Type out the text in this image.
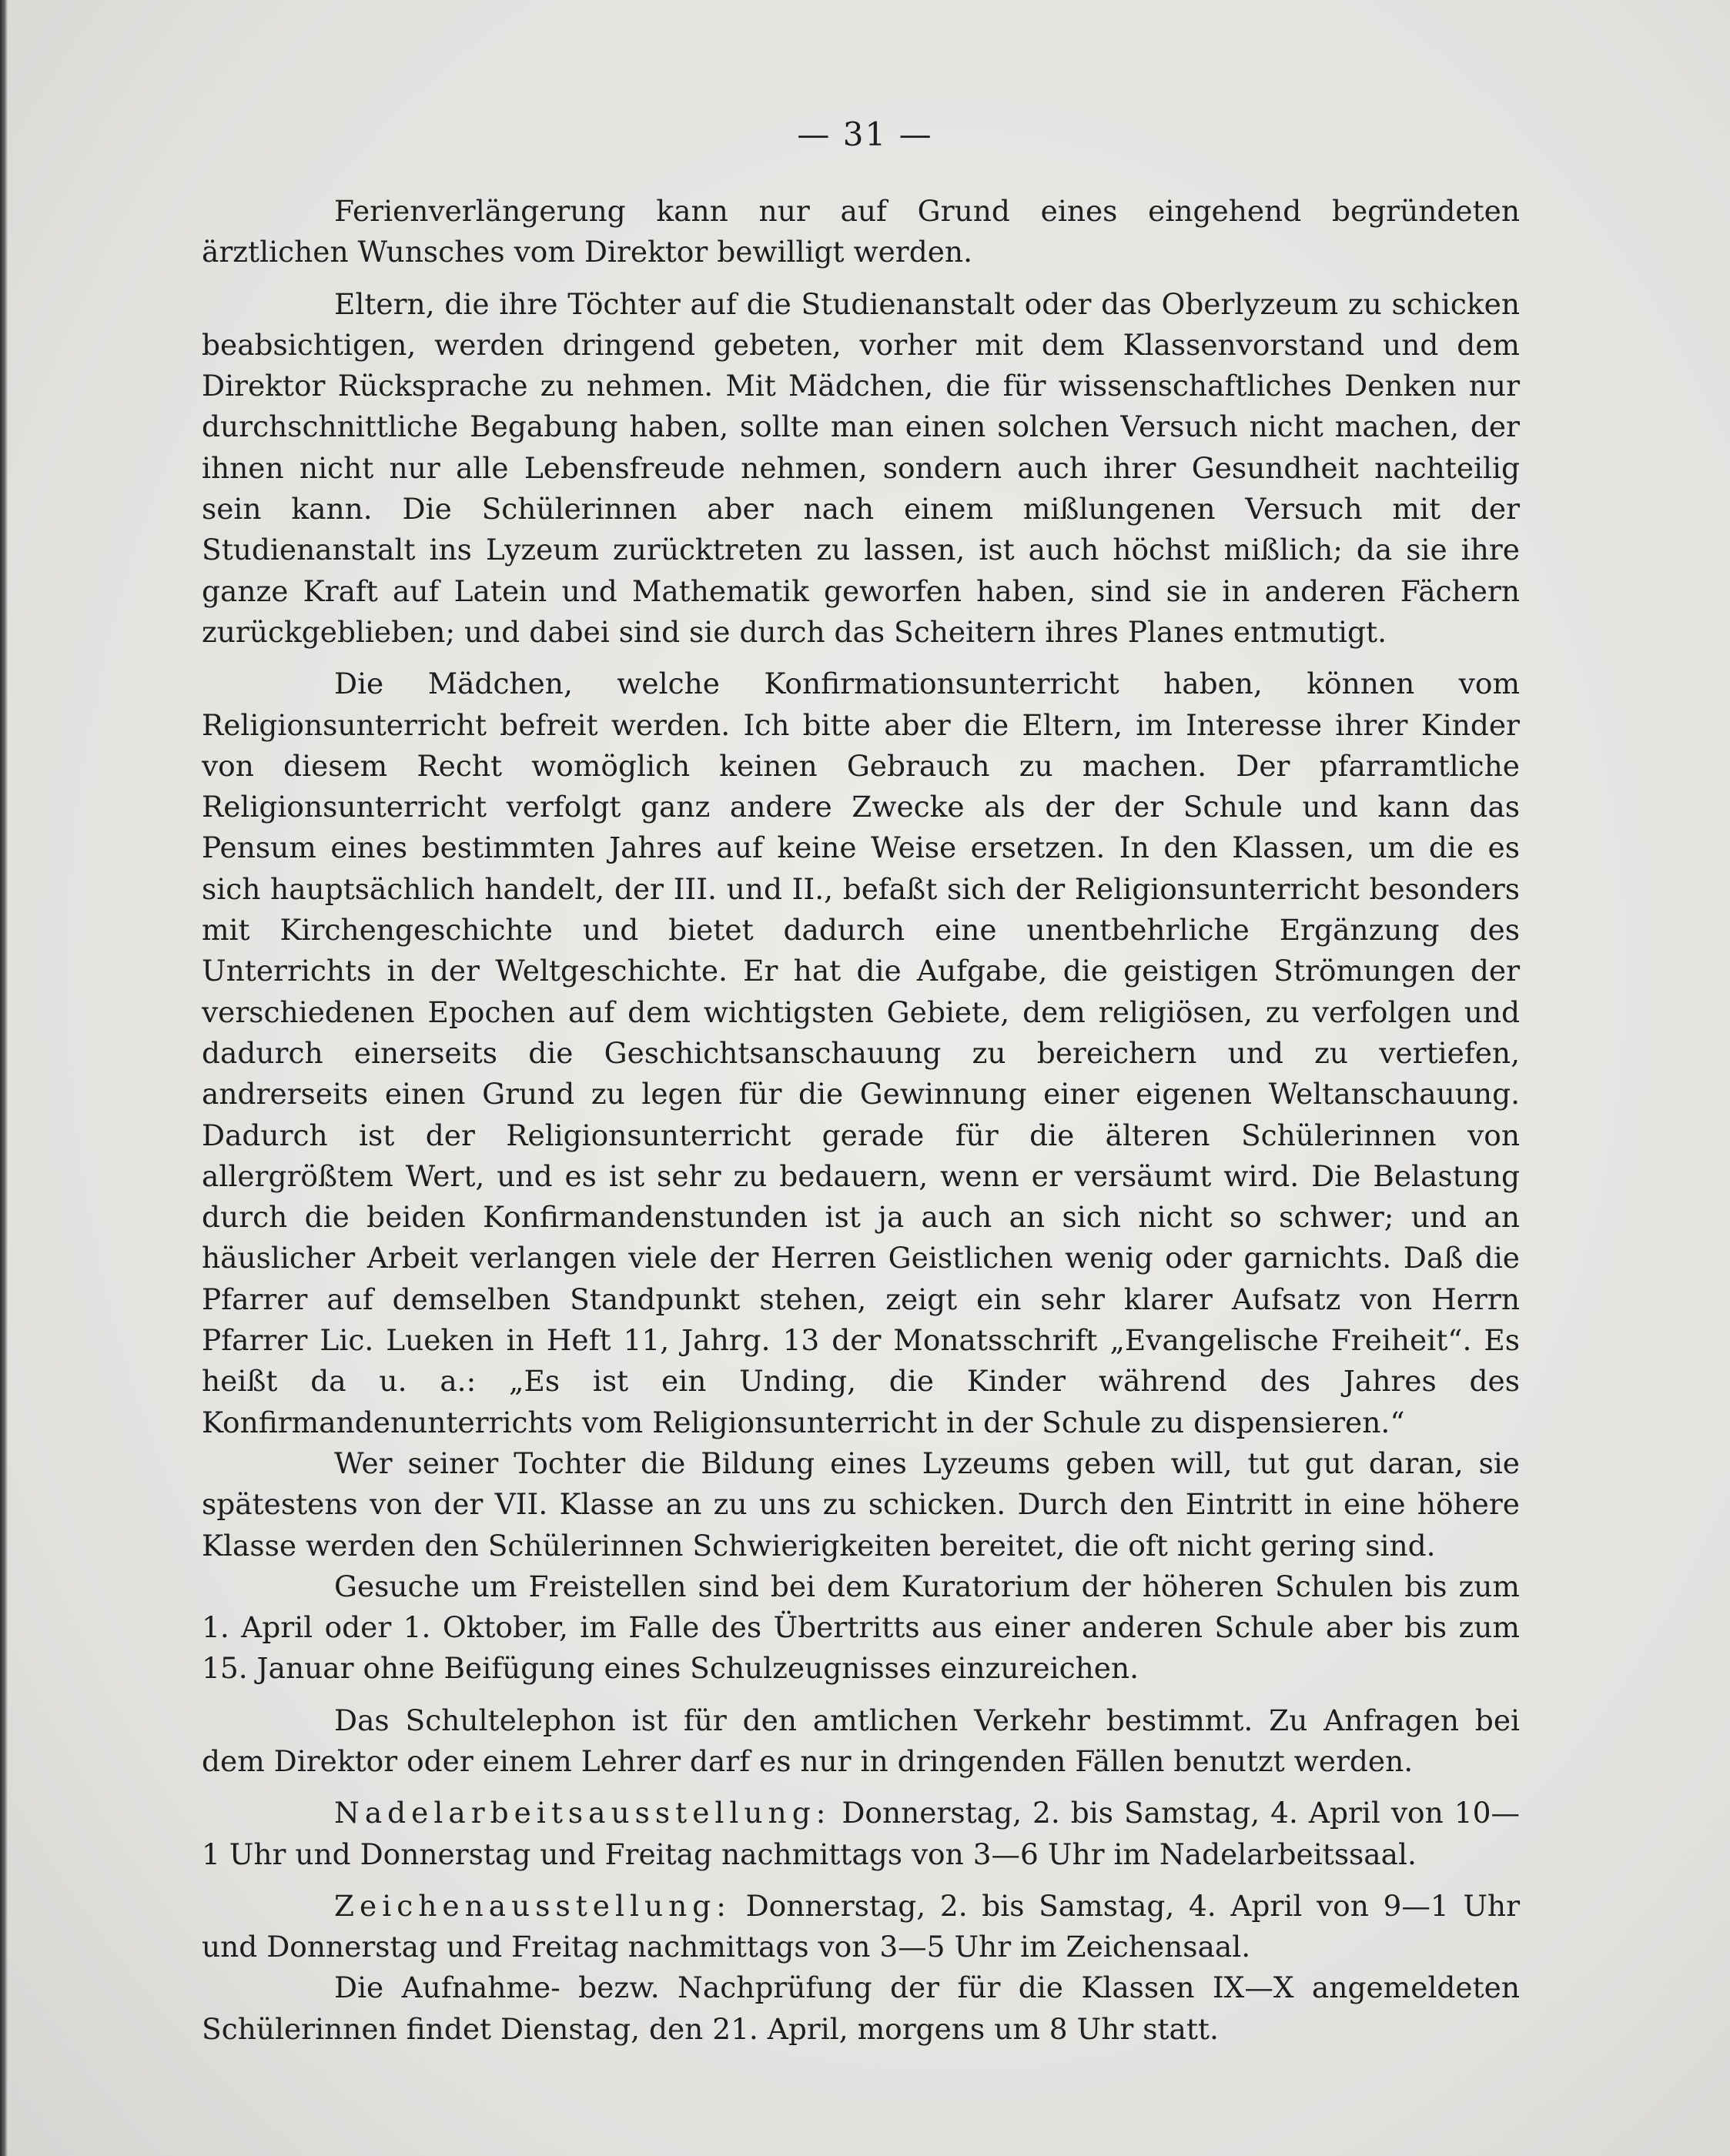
— 31 —

Ferienverlängerung kann nur auf Grund eines eingehend begründeten ärztlichen Wunsches vom Direktor bewilligt werden.

Eltern, die ihre Töchter auf die Studienanstalt oder das Oberlyzeum zu schicken beabsichtigen, werden dringend gebeten, vorher mit dem Klassenvorstand und dem Direktor Rücksprache zu nehmen. Mit Mädchen, die für wissenschaftliches Denken nur durchschnittliche Begabung haben, sollte man einen solchen Versuch nicht machen, der ihnen nicht nur alle Lebensfreude nehmen, sondern auch ihrer Gesundheit nachteilig sein kann. Die Schülerinnen aber nach einem mißlungenen Versuch mit der Studienanstalt ins Lyzeum zurücktreten zu lassen, ist auch höchst mißlich; da sie ihre ganze Kraft auf Latein und Mathematik geworfen haben, sind sie in anderen Fächern zurückgeblieben; und dabei sind sie durch das Scheitern ihres Planes entmutigt.

Die Mädchen, welche Konfirmationsunterricht haben, können vom Religionsunterricht befreit werden. Ich bitte aber die Eltern, im Interesse ihrer Kinder von diesem Recht womöglich keinen Gebrauch zu machen. Der pfarramtliche Religionsunterricht verfolgt ganz andere Zwecke als der der Schule und kann das Pensum eines bestimmten Jahres auf keine Weise ersetzen. In den Klassen, um die es sich hauptsächlich handelt, der III. und II., befaßt sich der Religionsunterricht besonders mit Kirchengeschichte und bietet dadurch eine unentbehrliche Ergänzung des Unterrichts in der Weltgeschichte. Er hat die Aufgabe, die geistigen Strömungen der verschiedenen Epochen auf dem wichtigsten Gebiete, dem religiösen, zu verfolgen und dadurch einerseits die Geschichtsanschauung zu bereichern und zu vertiefen, andrerseits einen Grund zu legen für die Gewinnung einer eigenen Weltanschauung. Dadurch ist der Religionsunterricht gerade für die älteren Schülerinnen von allergrößtem Wert, und es ist sehr zu bedauern, wenn er versäumt wird. Die Belastung durch die beiden Konfirmandenstunden ist ja auch an sich nicht so schwer; und an häuslicher Arbeit verlangen viele der Herren Geistlichen wenig oder garnichts. Daß die Pfarrer auf demselben Standpunkt stehen, zeigt ein sehr klarer Aufsatz von Herrn Pfarrer Lic. Lueken in Heft 11, Jahrg. 13 der Monatsschrift „Evangelische Freiheit“. Es heißt da u. a.: „Es ist ein Unding, die Kinder während des Jahres des Konfirmandenunterrichts vom Religionsunterricht in der Schule zu dispensieren.“

Wer seiner Tochter die Bildung eines Lyzeums geben will, tut gut daran, sie spätestens von der VII. Klasse an zu uns zu schicken. Durch den Eintritt in eine höhere Klasse werden den Schülerinnen Schwierigkeiten bereitet, die oft nicht gering sind.

Gesuche um Freistellen sind bei dem Kuratorium der höheren Schulen bis zum 1. April oder 1. Oktober, im Falle des Übertritts aus einer anderen Schule aber bis zum 15. Januar ohne Beifügung eines Schulzeugnisses einzureichen.

Das Schultelephon ist für den amtlichen Verkehr bestimmt. Zu Anfragen bei dem Direktor oder einem Lehrer darf es nur in dringenden Fällen benutzt werden.

Nadelarbeitsausstellung: Donnerstag, 2. bis Samstag, 4. April von 10—1 Uhr und Donnerstag und Freitag nachmittags von 3—6 Uhr im Nadelarbeitssaal.

Zeichenausstellung: Donnerstag, 2. bis Samstag, 4. April von 9—1 Uhr und Donnerstag und Freitag nachmittags von 3—5 Uhr im Zeichensaal.

Die Aufnahme- bezw. Nachprüfung der für die Klassen IX—X angemeldeten Schülerinnen findet Dienstag, den 21. April, morgens um 8 Uhr statt.
